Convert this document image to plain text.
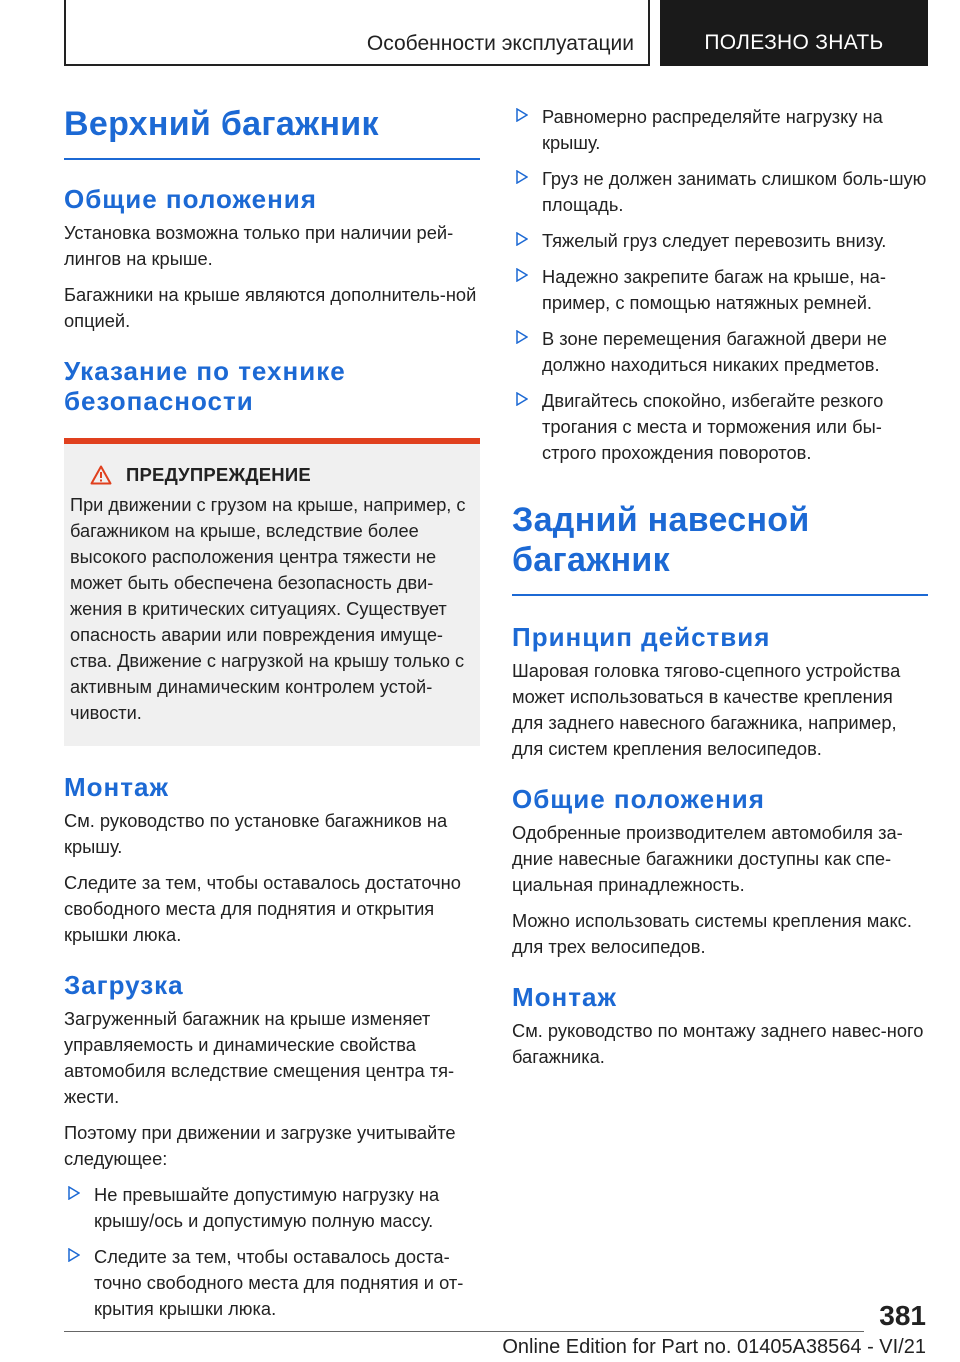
Особенности эксплуатации	ПОЛЕЗНО ЗНАТЬ
Верхний багажник
Общие положения

Установка возможна только при наличии рей-лингов на крыше.

Багажники на крыше являются дополнитель-ной опцией.

Указание по технике безопасности
ПРЕДУПРЕЖДЕНИЕ

При движении с грузом на крыше, например, с багажником на крыше, вследствие более высокого расположения центра тяжести не может быть обеспечена безопасность дви-жения в критических ситуациях. Существует опасность аварии или повреждения имуще-ства. Движение с нагрузкой на крышу только с активным динамическим контролем устой-чивости.

Монтаж

См. руководство по установке багажников на крышу.

Следите за тем, чтобы оставалось достаточно свободного места для поднятия и открытия крышки люка.

Загрузка

Загруженный багажник на крыше изменяет управляемость и динамические свойства автомобиля вследствие смещения центра тя-жести.

Поэтому при движении и загрузке учитывайте следующее:

Не превышайте допустимую нагрузку на крышу/ось и допустимую полную массу.
Следите за тем, чтобы оставалось доста-точно свободного места для поднятия и от-крытия крышки люка.
Равномерно распределяйте нагрузку на крышу.
Груз не должен занимать слишком боль-шую площадь.
Тяжелый груз следует перевозить внизу.
Надежно закрепите багаж на крыше, на-пример, с помощью натяжных ремней.
В зоне перемещения багажной двери не должно находиться никаких предметов.
Двигайтесь спокойно, избегайте резкого трогания с места и торможения или бы-строго прохождения поворотов.
Задний навесной багажник
Принцип действия

Шаровая головка тягово-сцепного устройства может использоваться в качестве крепления для заднего навесного багажника, например, для систем крепления велосипедов.

Общие положения

Одобренные производителем автомобиля за-дние навесные багажники доступны как спе-циальная принадлежность.

Можно использовать системы крепления макс. для трех велосипедов.

Монтаж

См. руководство по монтажу заднего навес-ного багажника.

381
Online Edition for Part no. 01405A38564 - VI/21
